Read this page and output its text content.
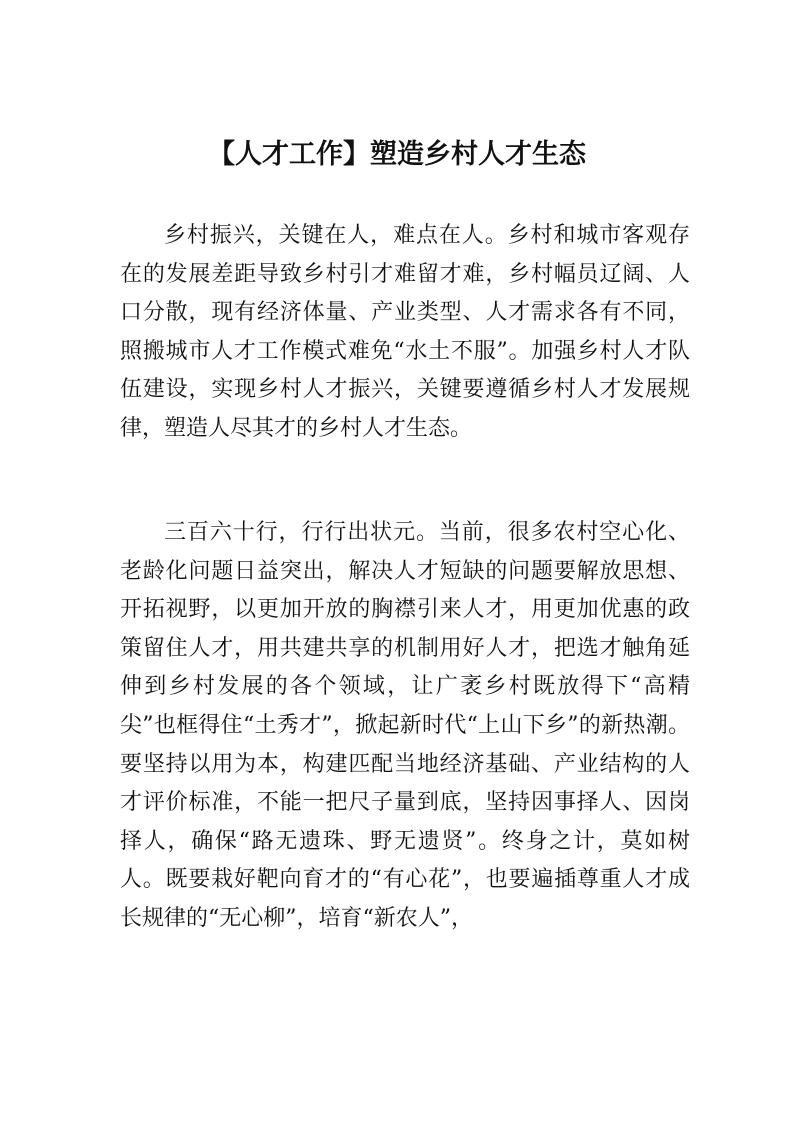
【人才工作】塑造乡村人才生态

乡村振兴，关键在人，难点在人。乡村和城市客观存在的发展差距导致乡村引才难留才难，乡村幅员辽阔、人口分散，现有经济体量、产业类型、人才需求各有不同，照搬城市人才工作模式难免“水土不服”。加强乡村人才队伍建设，实现乡村人才振兴，关键要遵循乡村人才发展规律，塑造人尽其才的乡村人才生态。

三百六十行，行行出状元。当前，很多农村空心化、老龄化问题日益突出，解决人才短缺的问题要解放思想、开拓视野，以更加开放的胸襟引来人才，用更加优惠的政策留住人才，用共建共享的机制用好人才，把选才触角延伸到乡村发展的各个领域，让广袤乡村既放得下“高精尖”也框得住“土秀才”，掀起新时代“上山下乡”的新热潮。要坚持以用为本，构建匹配当地经济基础、产业结构的人才评价标准，不能一把尺子量到底，坚持因事择人、因岗择人，确保“路无遗珠、野无遗贤”。终身之计，莫如树人。既要栽好靶向育才的“有心花”，也要遍插尊重人才成长规律的“无心柳”，培育“新农人”，
